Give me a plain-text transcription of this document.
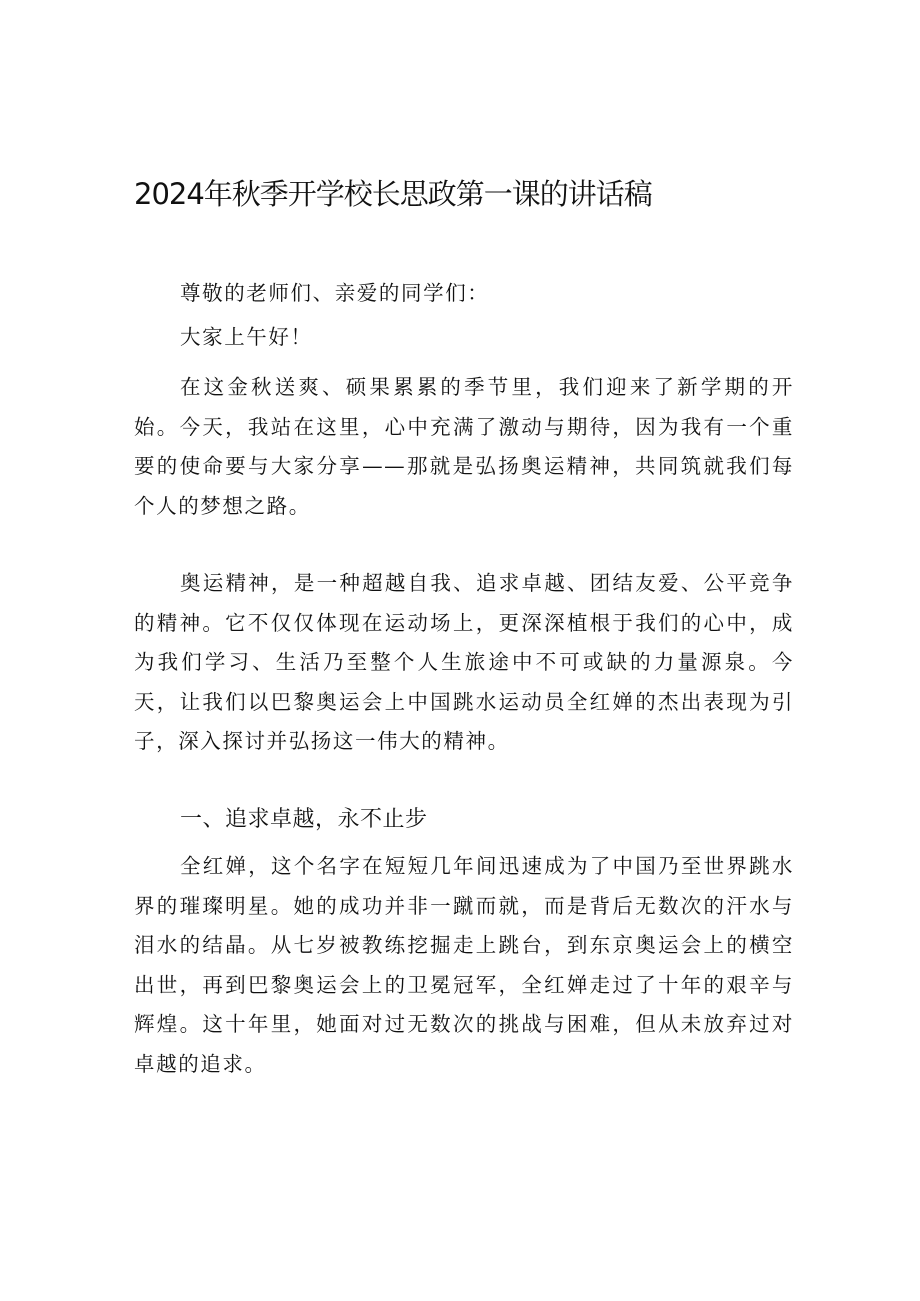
2024年秋季开学校长思政第一课的讲话稿

尊敬的老师们、亲爱的同学们：

大家上午好！

在这金秋送爽、硕果累累的季节里，我们迎来了新学期的开始。今天，我站在这里，心中充满了激动与期待，因为我有一个重要的使命要与大家分享——那就是弘扬奥运精神，共同筑就我们每个人的梦想之路。

奥运精神，是一种超越自我、追求卓越、团结友爱、公平竞争的精神。它不仅仅体现在运动场上，更深深植根于我们的心中，成为我们学习、生活乃至整个人生旅途中不可或缺的力量源泉。今天，让我们以巴黎奥运会上中国跳水运动员全红婵的杰出表现为引子，深入探讨并弘扬这一伟大的精神。

一、追求卓越，永不止步

全红婵，这个名字在短短几年间迅速成为了中国乃至世界跳水界的璀璨明星。她的成功并非一蹴而就，而是背后无数次的汗水与泪水的结晶。从七岁被教练挖掘走上跳台，到东京奥运会上的横空出世，再到巴黎奥运会上的卫冕冠军，全红婵走过了十年的艰辛与辉煌。这十年里，她面对过无数次的挑战与困难，但从未放弃过对卓越的追求。
